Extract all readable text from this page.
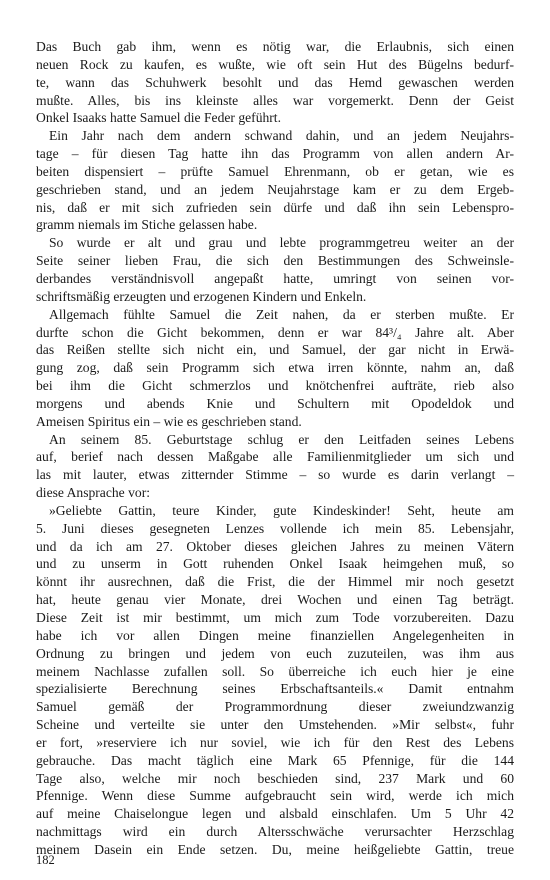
Das Buch gab ihm, wenn es nötig war, die Erlaubnis, sich einen
neuen Rock zu kaufen, es wußte, wie oft sein Hut des Bügelns bedurf-
te, wann das Schuhwerk besohlt und das Hemd gewaschen werden
mußte. Alles, bis ins kleinste alles war vorgemerkt. Denn der Geist
Onkel Isaaks hatte Samuel die Feder geführt.
Ein Jahr nach dem andern schwand dahin, und an jedem Neujahrs-
tage – für diesen Tag hatte ihn das Programm von allen andern Ar-
beiten dispensiert – prüfte Samuel Ehrenmann, ob er getan, wie es
geschrieben stand, und an jedem Neujahrstage kam er zu dem Ergeb-
nis, daß er mit sich zufrieden sein dürfe und daß ihn sein Lebenspro-
gramm niemals im Stiche gelassen habe.
So wurde er alt und grau und lebte programmgetreu weiter an der
Seite seiner lieben Frau, die sich den Bestimmungen des Schweinsle-
derbandes verständnisvoll angepaßt hatte, umringt von seinen vor-
schriftsmäßig erzeugten und erzogenen Kindern und Enkeln.
Allgemach fühlte Samuel die Zeit nahen, da er sterben mußte. Er
durfte schon die Gicht bekommen, denn er war 84³/₄ Jahre alt. Aber
das Reißen stellte sich nicht ein, und Samuel, der gar nicht in Erwä-
gung zog, daß sein Programm sich etwa irren könnte, nahm an, daß
bei ihm die Gicht schmerzlos und knötchenfrei aufträte, rieb also
morgens und abends Knie und Schultern mit Opodeldok und
Ameisen Spiritus ein – wie es geschrieben stand.
An seinem 85. Geburtstage schlug er den Leitfaden seines Lebens
auf, berief nach dessen Maßgabe alle Familienmitglieder um sich und
las mit lauter, etwas zitternder Stimme – so wurde es darin verlangt –
diese Ansprache vor:
»Geliebte Gattin, teure Kinder, gute Kindeskinder! Seht, heute am
5. Juni dieses gesegneten Lenzes vollende ich mein 85. Lebensjahr,
und da ich am 27. Oktober dieses gleichen Jahres zu meinen Vätern
und zu unserm in Gott ruhenden Onkel Isaak heimgehen muß, so
könnt ihr ausrechnen, daß die Frist, die der Himmel mir noch gesetzt
hat, heute genau vier Monate, drei Wochen und einen Tag beträgt.
Diese Zeit ist mir bestimmt, um mich zum Tode vorzubereiten. Dazu
habe ich vor allen Dingen meine finanziellen Angelegenheiten in
Ordnung zu bringen und jedem von euch zuzuteilen, was ihm aus
meinem Nachlasse zufallen soll. So überreiche ich euch hier je eine
spezialisierte Berechnung seines Erbschaftsanteils.« Damit entnahm
Samuel gemäß der Programmordnung dieser zweiundzwanzig
Scheine und verteilte sie unter den Umstehenden. »Mir selbst«, fuhr
er fort, »reserviere ich nur soviel, wie ich für den Rest des Lebens
gebrauche. Das macht täglich eine Mark 65 Pfennige, für die 144
Tage also, welche mir noch beschieden sind, 237 Mark und 60
Pfennige. Wenn diese Summe aufgebraucht sein wird, werde ich mich
auf meine Chaiselongue legen und alsbald einschlafen. Um 5 Uhr 42
nachmittags wird ein durch Altersschwäche verursachter Herzschlag
meinem Dasein ein Ende setzen. Du, meine heißgeliebte Gattin, treue
182
